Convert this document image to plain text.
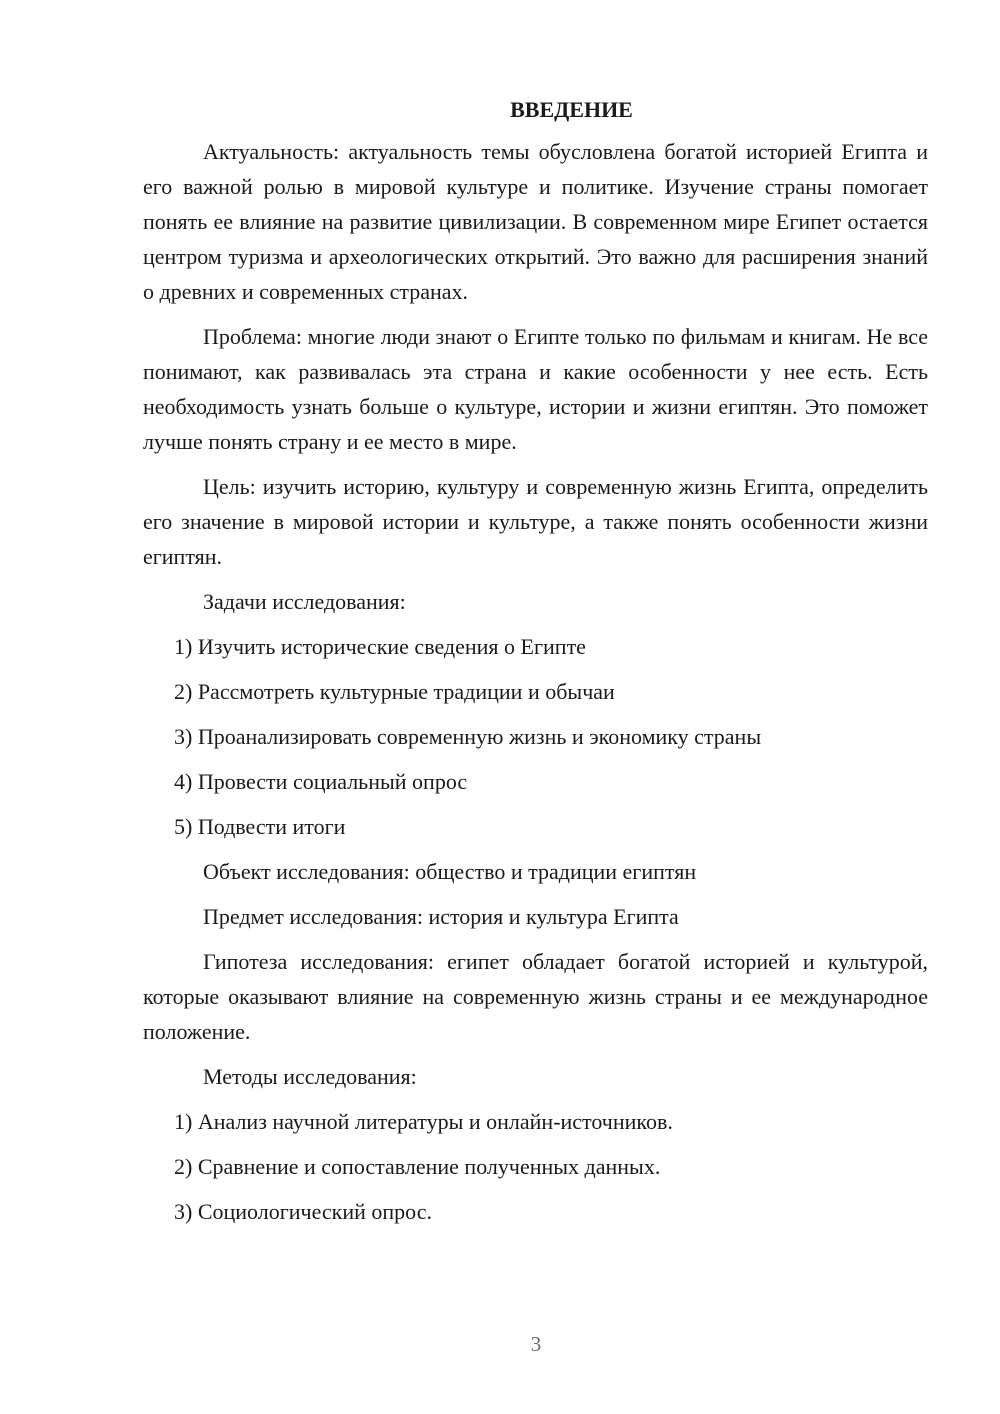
ВВЕДЕНИЕ

Актуальность: актуальность темы обусловлена богатой историей Египта и его важной ролью в мировой культуре и политике. Изучение страны помогает понять ее влияние на развитие цивилизации. В современном мире Египет остается центром туризма и археологических открытий. Это важно для расширения знаний о древних и современных странах.

Проблема: многие люди знают о Египте только по фильмам и книгам. Не все понимают, как развивалась эта страна и какие особенности у нее есть. Есть необходимость узнать больше о культуре, истории и жизни египтян. Это поможет лучше понять страну и ее место в мире.

Цель: изучить историю, культуру и современную жизнь Египта, определить его значение в мировой истории и культуре, а также понять особенности жизни египтян.

Задачи исследования:

1) Изучить исторические сведения о Египте
2) Рассмотреть культурные традиции и обычаи
3) Проанализировать современную жизнь и экономику страны
4) Провести социальный опрос
5) Подвести итоги

Объект исследования: общество и традиции египтян

Предмет исследования: история и культура Египта

Гипотеза исследования: египет обладает богатой историей и культурой, которые оказывают влияние на современную жизнь страны и ее международное положение.

Методы исследования:

1) Анализ научной литературы и онлайн-источников.
2) Сравнение и сопоставление полученных данных.
3) Социологический опрос.
3
